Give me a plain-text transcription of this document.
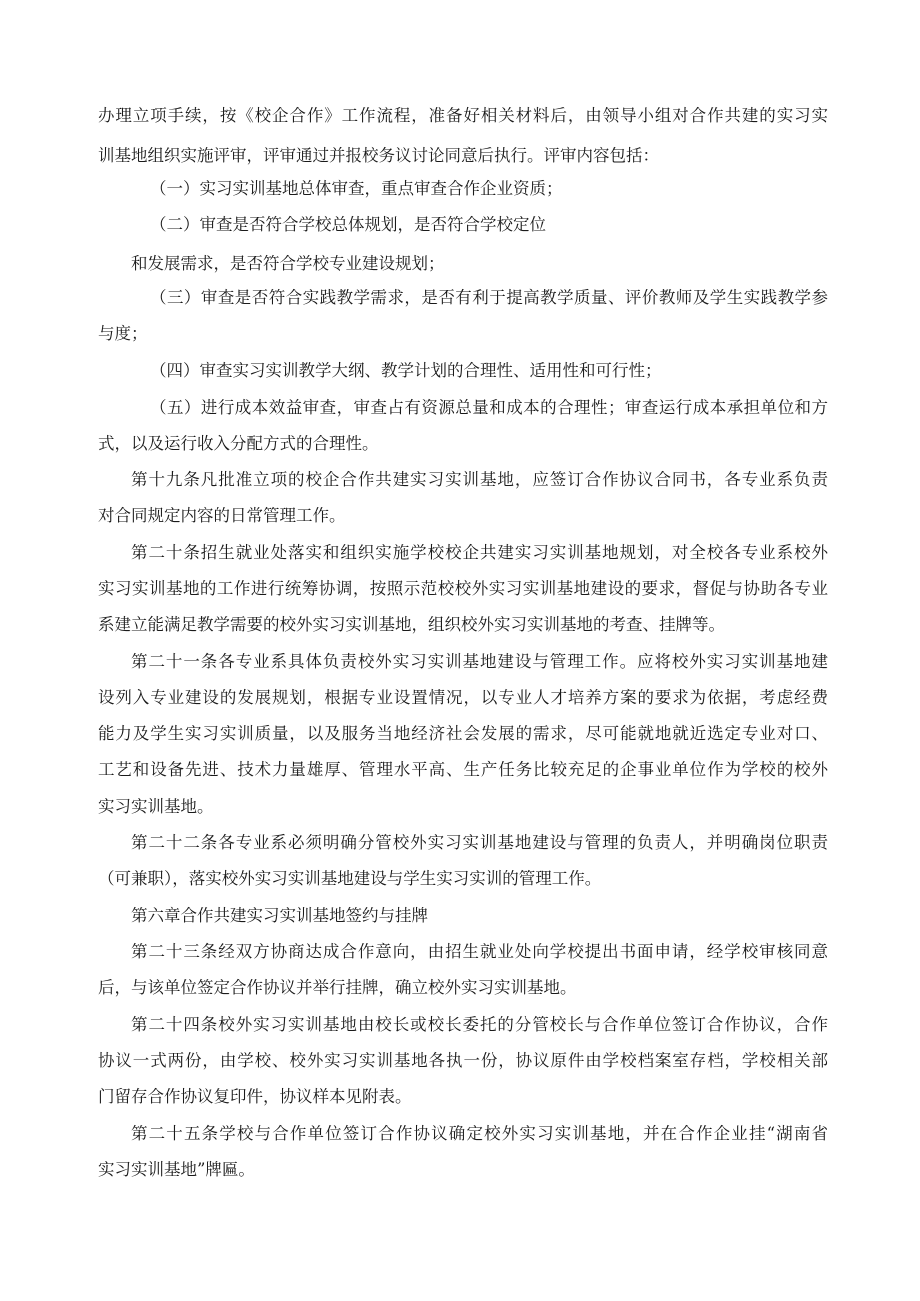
办理立项手续，按《校企合作》工作流程，准备好相关材料后，由领导小组对合作共建的实习实
训基地组织实施评审，评审通过并报校务议讨论同意后执行。评审内容包括：
（一）实习实训基地总体审查，重点审查合作企业资质；
（二）审查是否符合学校总体规划，是否符合学校定位
和发展需求，是否符合学校专业建设规划；
（三）审查是否符合实践教学需求，是否有利于提高教学质量、评价教师及学生实践教学参
与度；
（四）审查实习实训教学大纲、教学计划的合理性、适用性和可行性；
（五）进行成本效益审查，审查占有资源总量和成本的合理性；审查运行成本承担单位和方
式，以及运行收入分配方式的合理性。
第十九条凡批准立项的校企合作共建实习实训基地，应签订合作协议合同书，各专业系负责
对合同规定内容的日常管理工作。
第二十条招生就业处落实和组织实施学校校企共建实习实训基地规划，对全校各专业系校外
实习实训基地的工作进行统筹协调，按照示范校校外实习实训基地建设的要求，督促与协助各专业
系建立能满足教学需要的校外实习实训基地，组织校外实习实训基地的考查、挂牌等。
第二十一条各专业系具体负责校外实习实训基地建设与管理工作。应将校外实习实训基地建
设列入专业建设的发展规划，根据专业设置情况，以专业人才培养方案的要求为依据，考虑经费
能力及学生实习实训质量，以及服务当地经济社会发展的需求，尽可能就地就近选定专业对口、
工艺和设备先进、技术力量雄厚、管理水平高、生产任务比较充足的企事业单位作为学校的校外
实习实训基地。
第二十二条各专业系必须明确分管校外实习实训基地建设与管理的负责人，并明确岗位职责
（可兼职），落实校外实习实训基地建设与学生实习实训的管理工作。
第六章合作共建实习实训基地签约与挂牌
第二十三条经双方协商达成合作意向，由招生就业处向学校提出书面申请，经学校审核同意
后，与该单位签定合作协议并举行挂牌，确立校外实习实训基地。
第二十四条校外实习实训基地由校长或校长委托的分管校长与合作单位签订合作协议，合作
协议一式两份，由学校、校外实习实训基地各执一份，协议原件由学校档案室存档，学校相关部
门留存合作协议复印件，协议样本见附表。
第二十五条学校与合作单位签订合作协议确定校外实习实训基地，并在合作企业挂“湖南省
实习实训基地”牌匾。
